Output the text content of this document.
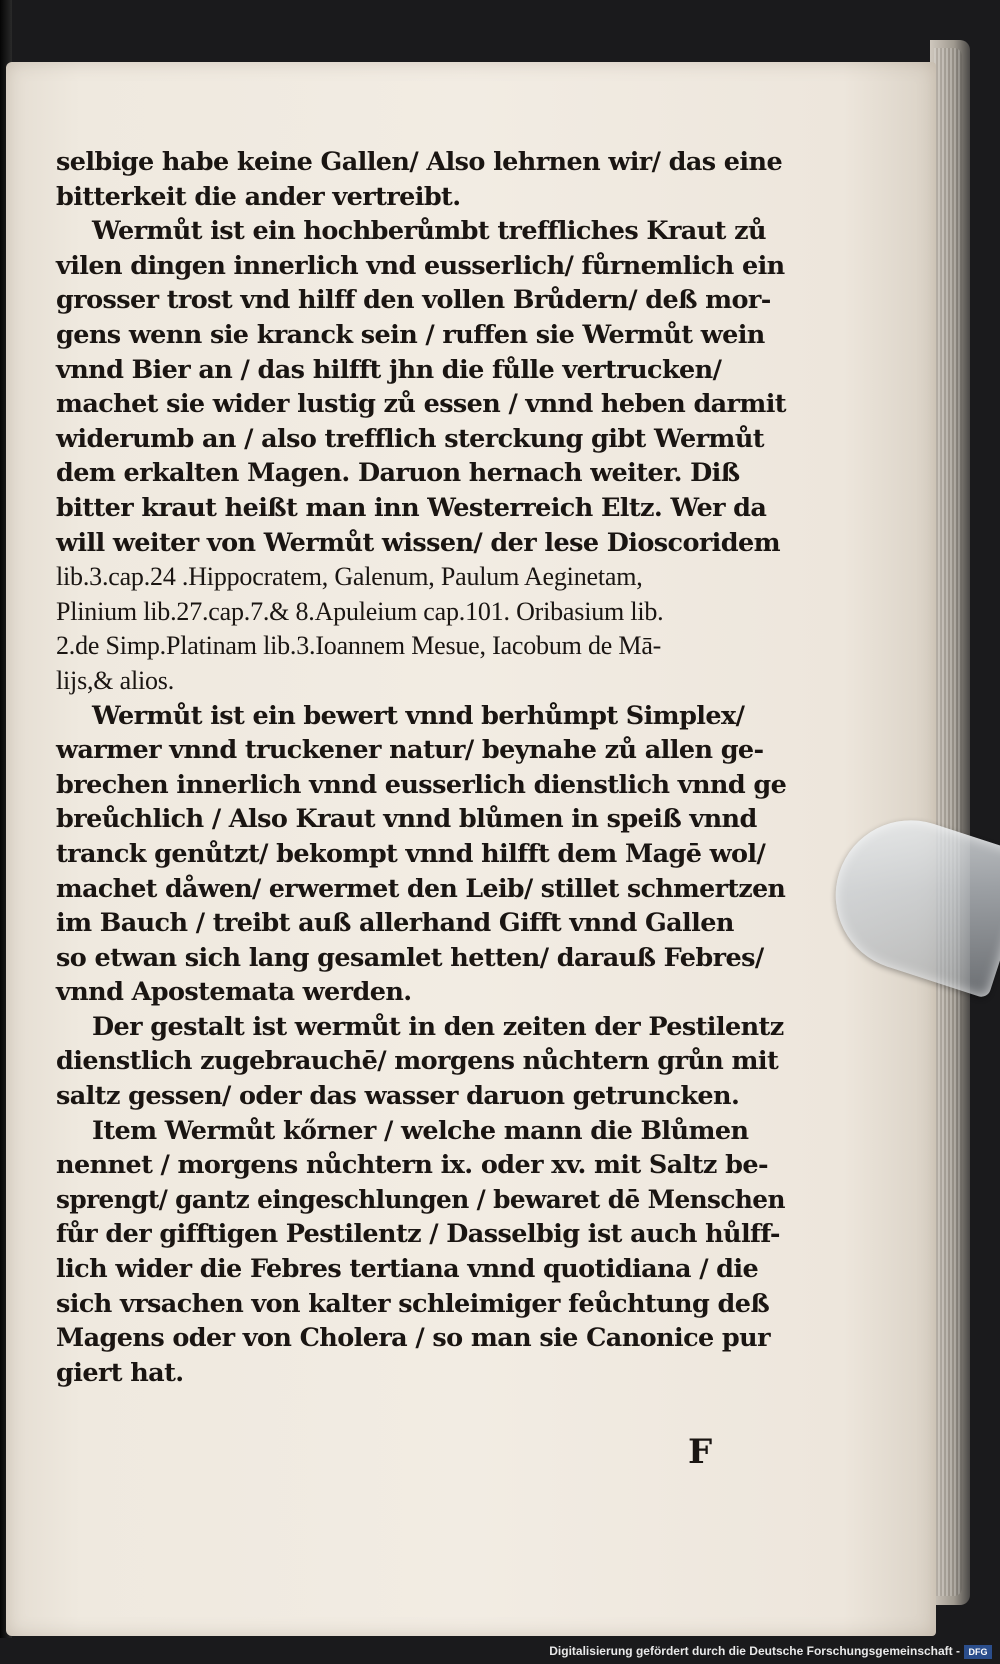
selbige habe keine Gallen/ Also lehrnen wir/ das eine
bitterkeit die ander vertreibt.
Wermůt ist ein hochberůmbt treffliches Kraut zů
vilen dingen innerlich vnd eusserlich/ fůrnemlich ein
grosser trost vnd hilff den vollen Brůdern/ deß mor-
gens wenn sie kranck sein / ruffen sie Wermůt wein
vnnd Bier an / das hilfft jhn die fůlle vertrucken/
machet sie wider lustig zů essen / vnnd heben darmit
widerumb an / also trefflich sterckung gibt Wermůt
dem erkalten Magen. Daruon hernach weiter. Diß
bitter kraut heißt man inn Westerreich Eltz. Wer da
will weiter von Wermůt wissen/ der lese Dioscoridem
lib.3.cap.24 .Hippocratem, Galenum, Paulum Aeginetam,
Plinium lib.27.cap.7.& 8.Apuleium cap.101. Oribasium lib.
2.de Simp.Platinam lib.3.Ioannem Mesue, Iacobum de Mā-
lijs,& alios.
Wermůt ist ein bewert vnnd berhůmpt Simplex/
warmer vnnd truckener natur/ beynahe zů allen ge-
brechen innerlich vnnd eusserlich dienstlich vnnd ge
breůchlich / Also Kraut vnnd blůmen in speiß vnnd
tranck genůtzt/ bekompt vnnd hilfft dem Magē wol/
machet dåwen/ erwermet den Leib/ stillet schmertzen
im Bauch / treibt auß allerhand Gifft vnnd Gallen
so etwan sich lang gesamlet hetten/ darauß Febres/
vnnd Apostemata werden.
Der gestalt ist wermůt in den zeiten der Pestilentz
dienstlich zugebrauchē/ morgens nůchtern grůn mit
saltz gessen/ oder das wasser daruon getruncken.
Item Wermůt kőrner / welche mann die Blůmen
nennet / morgens nůchtern ix. oder xv. mit Saltz be-
sprengt/ gantz eingeschlungen / bewaret dē Menschen
fůr der gifftigen Pestilentz / Dasselbig ist auch hůlff-
lich wider die Febres tertiana vnnd quotidiana / die
sich vrsachen von kalter schleimiger feůchtung deß
Magens oder von Cholera / so man sie Canonice pur
giert hat.
F
Digitalisierung gefördert durch die Deutsche Forschungsgemeinschaft - DFG
